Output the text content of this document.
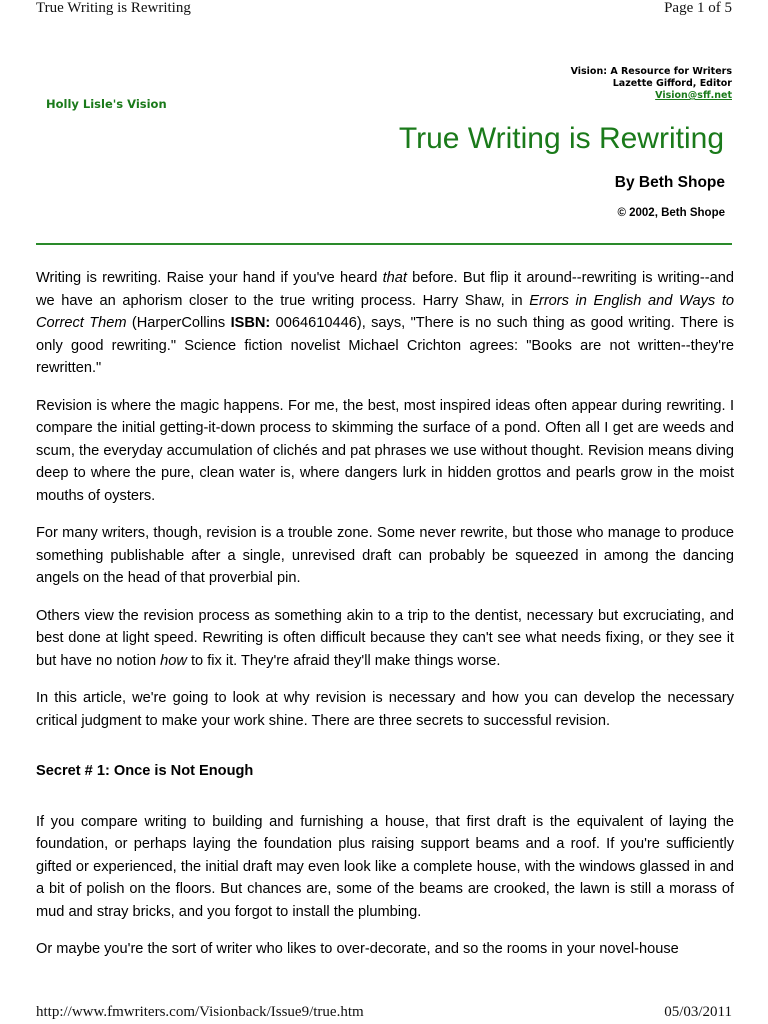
True Writing is Rewriting	Page 1 of 5
Vision: A Resource for Writers
Lazette Gifford, Editor
Vision@sff.net
Holly Lisle's Vision
True Writing is Rewriting
By Beth Shope
© 2002, Beth Shope

Writing is rewriting. Raise your hand if you've heard that before. But flip it around--rewriting is writing--and we have an aphorism closer to the true writing process. Harry Shaw, in Errors in English and Ways to Correct Them (HarperCollins ISBN: 0064610446), says, "There is no such thing as good writing. There is only good rewriting." Science fiction novelist Michael Crichton agrees: "Books are not written--they're rewritten."

Revision is where the magic happens. For me, the best, most inspired ideas often appear during rewriting. I compare the initial getting-it-down process to skimming the surface of a pond. Often all I get are weeds and scum, the everyday accumulation of clichés and pat phrases we use without thought. Revision means diving deep to where the pure, clean water is, where dangers lurk in hidden grottos and pearls grow in the moist mouths of oysters.

For many writers, though, revision is a trouble zone. Some never rewrite, but those who manage to produce something publishable after a single, unrevised draft can probably be squeezed in among the dancing angels on the head of that proverbial pin.

Others view the revision process as something akin to a trip to the dentist, necessary but excruciating, and best done at light speed. Rewriting is often difficult because they can't see what needs fixing, or they see it but have no notion how to fix it. They're afraid they'll make things worse.

In this article, we're going to look at why revision is necessary and how you can develop the necessary critical judgment to make your work shine. There are three secrets to successful revision.

Secret # 1: Once is Not Enough

If you compare writing to building and furnishing a house, that first draft is the equivalent of laying the foundation, or perhaps laying the foundation plus raising support beams and a roof. If you're sufficiently gifted or experienced, the initial draft may even look like a complete house, with the windows glassed in and a bit of polish on the floors. But chances are, some of the beams are crooked, the lawn is still a morass of mud and stray bricks, and you forgot to install the plumbing.

Or maybe you're the sort of writer who likes to over-decorate, and so the rooms in your novel-house

http://www.fmwriters.com/Visionback/Issue9/true.htm	05/03/2011
